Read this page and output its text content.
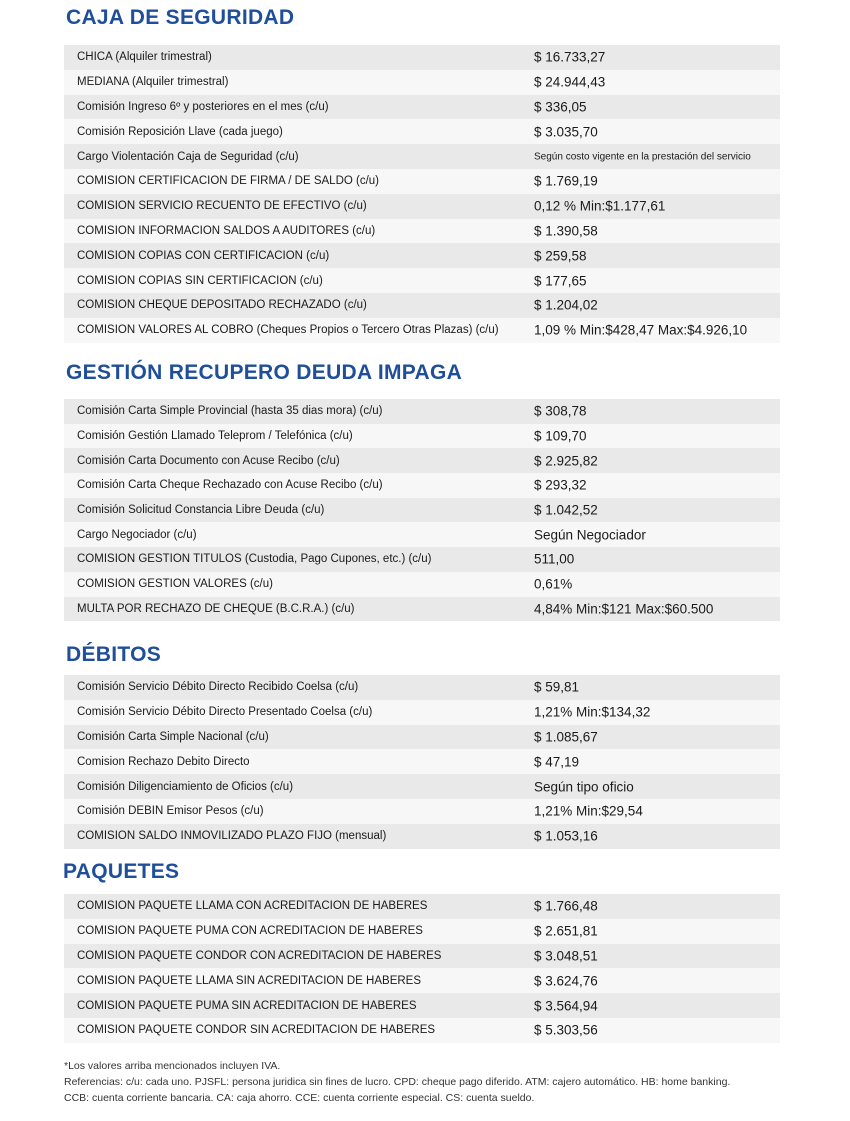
CAJA DE SEGURIDAD
CHICA (Alquiler trimestral)	$ 16.733,27
MEDIANA (Alquiler trimestral)	$ 24.944,43
Comisión Ingreso 6º y posteriores en el mes (c/u)	$ 336,05
Comisión Reposición Llave (cada juego)	$ 3.035,70
Cargo Violentación Caja de Seguridad (c/u)	Según costo vigente en la prestación del servicio
COMISION CERTIFICACION DE FIRMA / DE SALDO (c/u)	$ 1.769,19
COMISION SERVICIO RECUENTO DE EFECTIVO (c/u)	0,12 % Min:$1.177,61
COMISION INFORMACION SALDOS A AUDITORES (c/u)	$ 1.390,58
COMISION COPIAS CON CERTIFICACION (c/u)	$ 259,58
COMISION COPIAS SIN CERTIFICACION (c/u)	$ 177,65
COMISION CHEQUE DEPOSITADO RECHAZADO (c/u)	$ 1.204,02
COMISION VALORES AL COBRO (Cheques Propios o Tercero Otras Plazas) (c/u)	1,09 % Min:$428,47 Max:$4.926,10
GESTIÓN RECUPERO DEUDA IMPAGA
Comisión Carta Simple Provincial (hasta 35 dias mora) (c/u)	$ 308,78
Comisión Gestión Llamado Teleprom / Telefónica (c/u)	$ 109,70
Comisión Carta Documento con Acuse Recibo (c/u)	$ 2.925,82
Comisión Carta Cheque Rechazado con Acuse Recibo (c/u)	$ 293,32
Comisión Solicitud Constancia Libre Deuda (c/u)	$ 1.042,52
Cargo Negociador (c/u)	Según Negociador
COMISION GESTION TITULOS (Custodia, Pago Cupones, etc.) (c/u)	511,00
COMISION GESTION VALORES (c/u)	0,61%
MULTA POR RECHAZO DE CHEQUE (B.C.R.A.) (c/u)	4,84% Min:$121 Max:$60.500
DÉBITOS
Comisión Servicio Débito Directo Recibido Coelsa (c/u)	$ 59,81
Comisión Servicio Débito Directo Presentado Coelsa (c/u)	1,21% Min:$134,32
Comisión Carta Simple Nacional (c/u)	$ 1.085,67
Comision Rechazo Debito Directo	$ 47,19
Comisión Diligenciamiento de Oficios (c/u)	Según tipo oficio
Comisión DEBIN Emisor Pesos (c/u)	1,21% Min:$29,54
COMISION SALDO INMOVILIZADO PLAZO FIJO (mensual)	$ 1.053,16
PAQUETES
COMISION PAQUETE LLAMA CON ACREDITACION DE HABERES	$ 1.766,48
COMISION PAQUETE PUMA CON ACREDITACION DE HABERES	$ 2.651,81
COMISION PAQUETE CONDOR CON ACREDITACION DE HABERES	$ 3.048,51
COMISION PAQUETE LLAMA SIN ACREDITACION DE HABERES	$ 3.624,76
COMISION PAQUETE PUMA SIN ACREDITACION DE HABERES	$ 3.564,94
COMISION PAQUETE CONDOR SIN ACREDITACION DE HABERES	$ 5.303,56
*Los valores arriba mencionados incluyen IVA.
Referencias: c/u: cada uno. PJSFL: persona juridica sin fines de lucro. CPD: cheque pago diferido. ATM: cajero automático. HB: home banking.
CCB: cuenta corriente bancaria. CA: caja ahorro. CCE: cuenta corriente especial. CS: cuenta sueldo.
